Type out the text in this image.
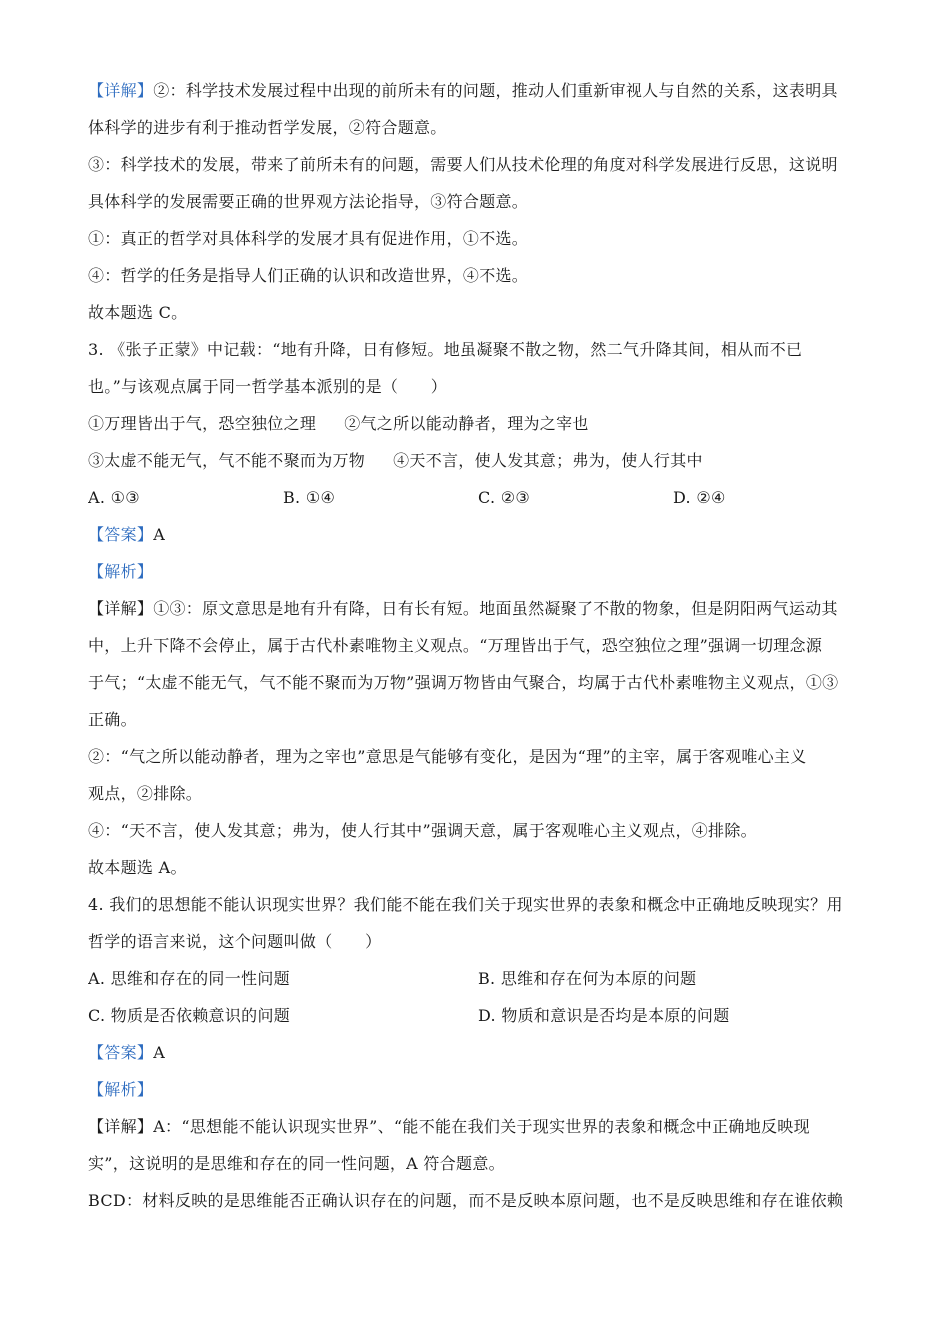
【详解】②：科学技术发展过程中出现的前所未有的问题，推动人们重新审视人与自然的关系，这表明具
体科学的进步有利于推动哲学发展，②符合题意。
③：科学技术的发展，带来了前所未有的问题，需要人们从技术伦理的角度对科学发展进行反思，这说明
具体科学的发展需要正确的世界观方法论指导，③符合题意。
①：真正的哲学对具体科学的发展才具有促进作用，①不选。
④：哲学的任务是指导人们正确的认识和改造世界，④不选。
故本题选 C。
3. 《张子正蒙》中记载：“地有升降，日有修短。地虽凝聚不散之物，然二气升降其间，相从而不已
也。”与该观点属于同一哲学基本派别的是（　　）
①万理皆出于气，恐空独位之理 ②气之所以能动静者，理为之宰也
③太虚不能无气，气不能不聚而为万物 ④天不言，使人发其意；弗为，使人行其中
A. ①③	B. ①④	C. ②③	D. ②④
【答案】A
【解析】
【详解】①③：原文意思是地有升有降，日有长有短。地面虽然凝聚了不散的物象，但是阴阳两气运动其
中，上升下降不会停止，属于古代朴素唯物主义观点。“万理皆出于气，恐空独位之理”强调一切理念源
于气；“太虚不能无气，气不能不聚而为万物”强调万物皆由气聚合，均属于古代朴素唯物主义观点，①③
正确。
②：“气之所以能动静者，理为之宰也”意思是气能够有变化，是因为“理”的主宰，属于客观唯心主义
观点，②排除。
④：“天不言，使人发其意；弗为，使人行其中”强调天意，属于客观唯心主义观点，④排除。
故本题选 A。
4. 我们的思想能不能认识现实世界？我们能不能在我们关于现实世界的表象和概念中正确地反映现实？用
哲学的语言来说，这个问题叫做（　　）
A. 思维和存在的同一性问题	B. 思维和存在何为本原的问题
C. 物质是否依赖意识的问题	D. 物质和意识是否均是本原的问题
【答案】A
【解析】
【详解】A：“思想能不能认识现实世界”、“能不能在我们关于现实世界的表象和概念中正确地反映现
实”，这说明的是思维和存在的同一性问题，A 符合题意。
BCD：材料反映的是思维能否正确认识存在的问题，而不是反映本原问题，也不是反映思维和存在谁依赖
